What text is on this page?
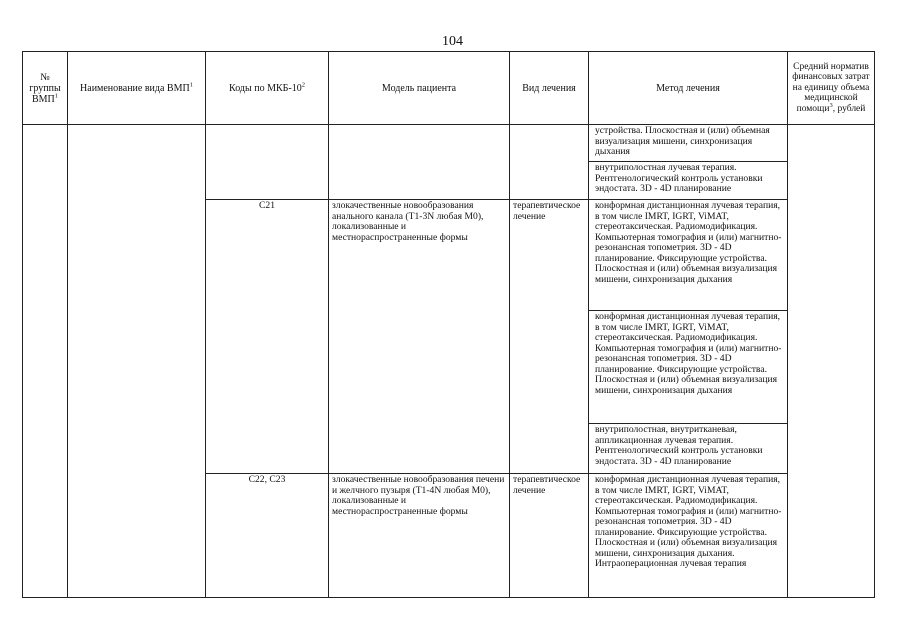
104
№ группы ВМП$^1$	Наименование вида ВМП$^1$	Коды по МКБ-$10^2$	Модель пациента	Вид лечения	Метод лечения	Средний норматив финансовых затрат на единицу объема медицинской помощи$^3$, рублей
					устройства. Плоскостная и (или) объемная визуализация мишени, синхронизация дыхания	
					внутриполостная лучевая терапия. Рентгенологический контроль установки эндостата. 3D - 4D планирование	
		C21	злокачественные новообразования анального канала (T1-3N любая M0), локализованные и местнораспространенные формы	терапевтическое лечение	конформная дистанционная лучевая терапия, в том числе IMRT, IGRT, ViMAT, стереотаксическая. Радиомодификация. Компьютерная томография и (или) магнитно-резонансная топометрия. 3D - 4D планирование. Фиксирующие устройства. Плоскостная и (или) объемная визуализация мишени, синхронизация дыхания	
					конформная дистанционная лучевая терапия, в том числе IMRT, IGRT, ViMAT, стереотаксическая. Радиомодификация. Компьютерная томография и (или) магнитно-резонансная топометрия. 3D - 4D планирование. Фиксирующие устройства. Плоскостная и (или) объемная визуализация мишени, синхронизация дыхания	
					внутриполостная, внутритканевая, аппликационная лучевая терапия. Рентгенологический контроль установки эндостата. 3D - 4D планирование	
		C22, C23	злокачественные новообразования печени и желчного пузыря (T1-4N любая M0), локализованные и местнораспространенные формы	терапевтическое лечение	конформная дистанционная лучевая терапия, в том числе IMRT, IGRT, ViMAT, стереотаксическая. Радиомодификация. Компьютерная томография и (или) магнитно-резонансная топометрия. 3D - 4D планирование. Фиксирующие устройства. Плоскостная и (или) объемная визуализация мишени, синхронизация дыхания. Интраоперационная лучевая терапия	
